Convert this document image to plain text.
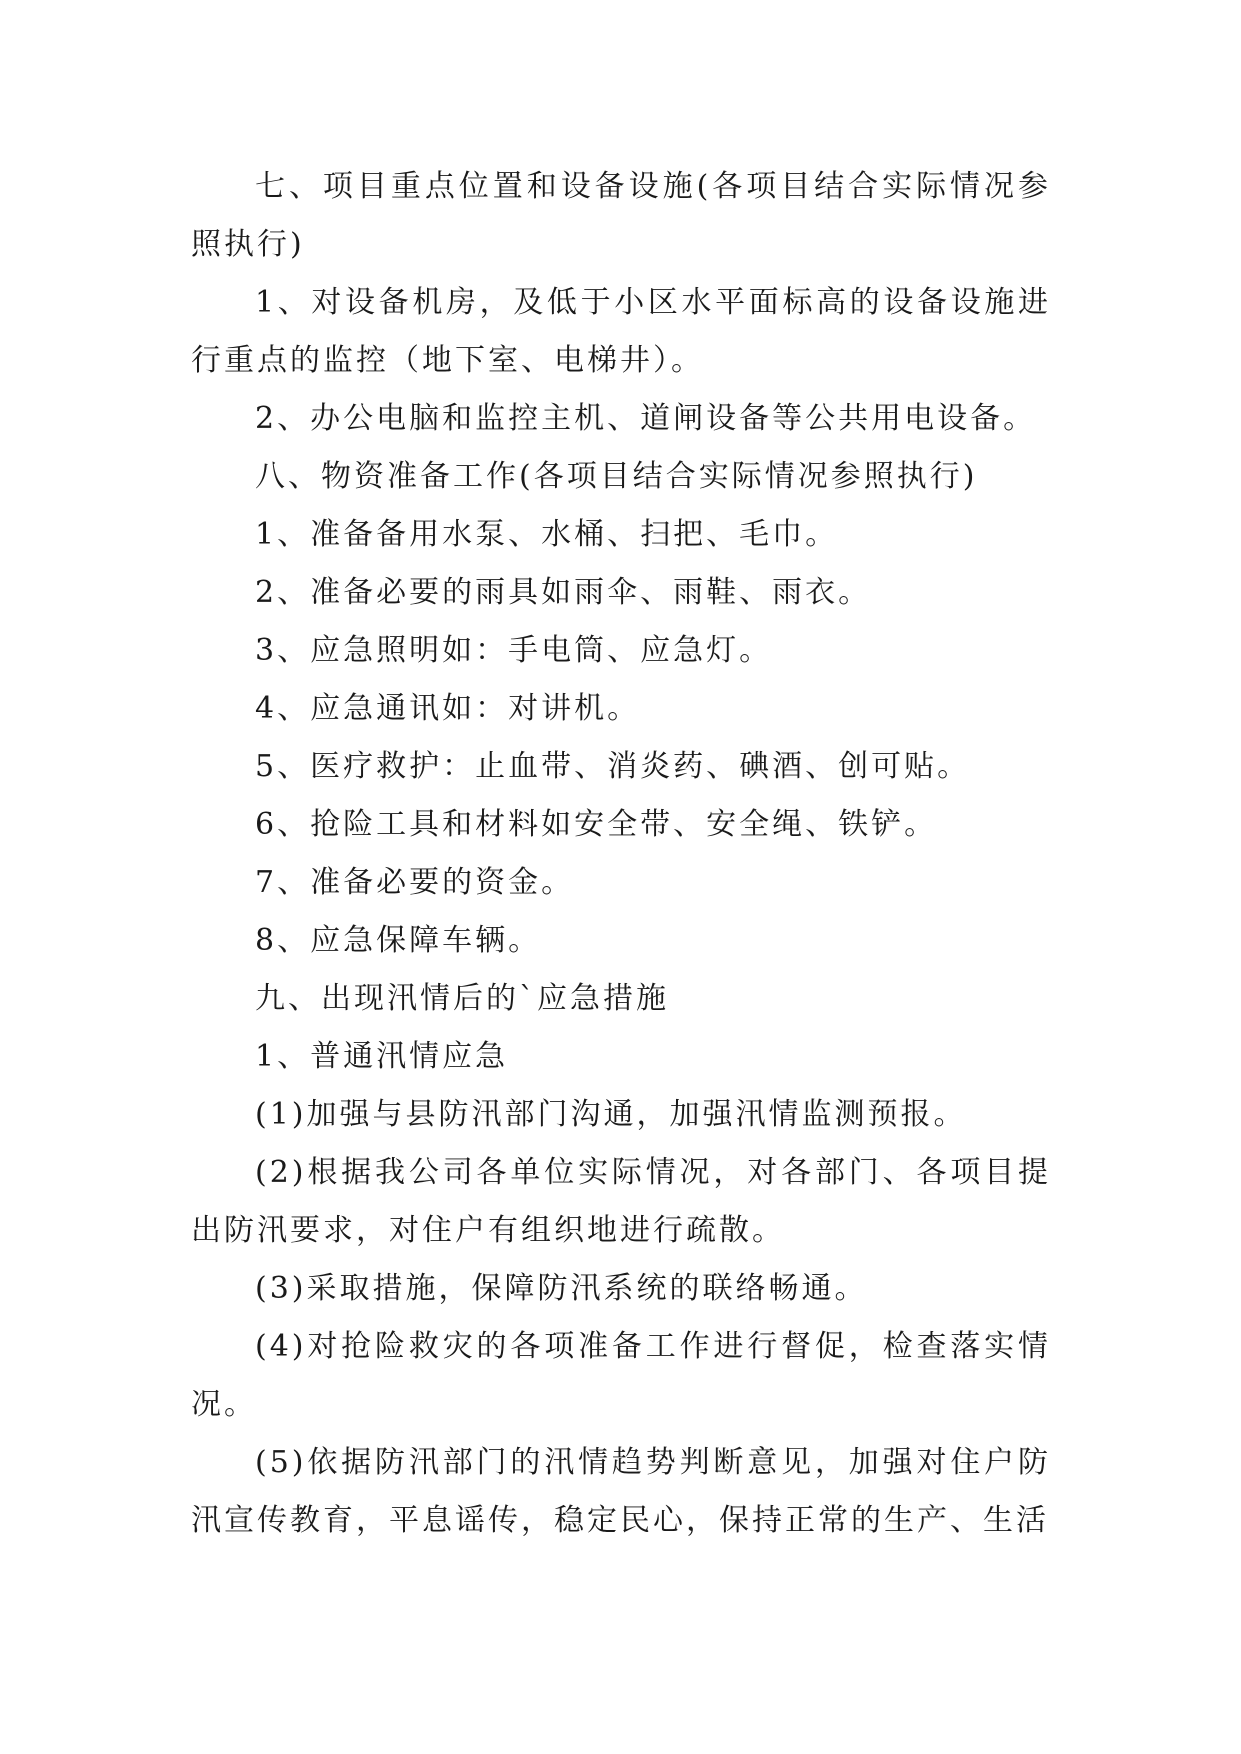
七、项目重点位置和设备设施(各项目结合实际情况参照执行)

1、对设备机房，及低于小区水平面标高的设备设施进行重点的监控（地下室、电梯井）。

2、办公电脑和监控主机、道闸设备等公共用电设备。

八、物资准备工作(各项目结合实际情况参照执行)

1、准备备用水泵、水桶、扫把、毛巾。

2、准备必要的雨具如雨伞、雨鞋、雨衣。

3、应急照明如：手电筒、应急灯。

4、应急通讯如：对讲机。

5、医疗救护：止血带、消炎药、碘酒、创可贴。

6、抢险工具和材料如安全带、安全绳、铁铲。

7、准备必要的资金。

8、应急保障车辆。

九、出现汛情后的`应急措施

1、普通汛情应急

(1)加强与县防汛部门沟通，加强汛情监测预报。

(2)根据我公司各单位实际情况，对各部门、各项目提出防汛要求，对住户有组织地进行疏散。

(3)采取措施，保障防汛系统的联络畅通。

(4)对抢险救灾的各项准备工作进行督促，检查落实情况。

(5)依据防汛部门的汛情趋势判断意见，加强对住户防汛宣传教育，平息谣传，稳定民心，保持正常的生产、生活
